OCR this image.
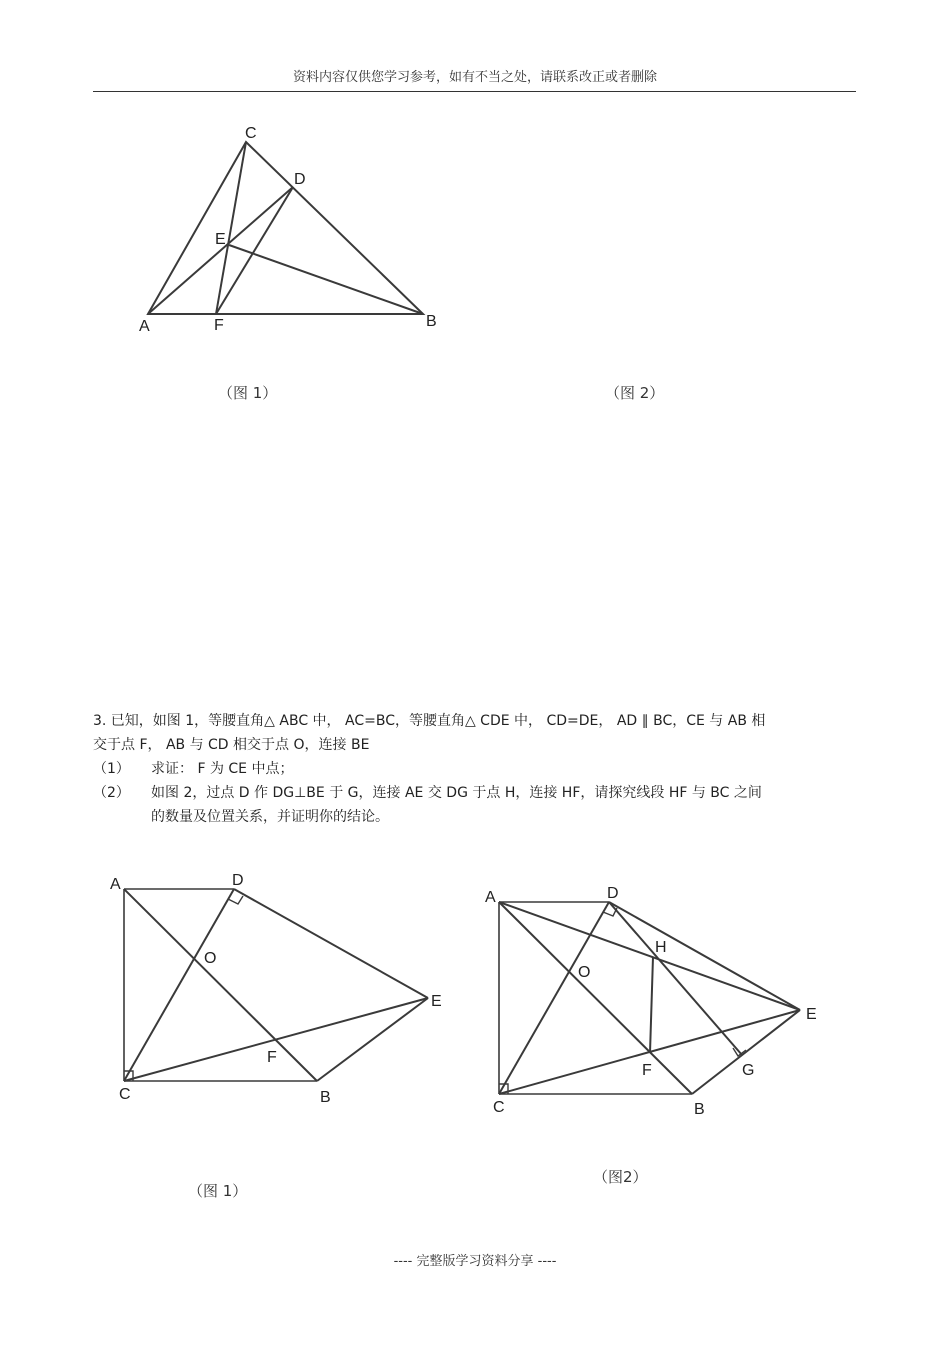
资料内容仅供您学习参考，如有不当之处，请联系改正或者删除
C
D
E
A	F	B
（图 1）	（图 2）
3. 已知，如图 1，等腰直角△ ABC 中， AC=BC，等腰直角△ CDE 中， CD=DE， AD ∥ BC，CE 与 AB 相
交于点 F， AB 与 CD 相交于点 O，连接 BE
（1）	求证： F 为 CE 中点；
（2）	如图 2，过点 D 作 DG⊥BE 于 G，连接 AE 交 DG 于点 H，连接 HF，请探究线段 HF 与 BC 之间
的数量及位置关系，并证明你的结论。
A	D
O
E
F
C	B
A	D
H
O
E
F	G
C	B
（图 1）
（图2）
---- 完整版学习资料分享 ----
